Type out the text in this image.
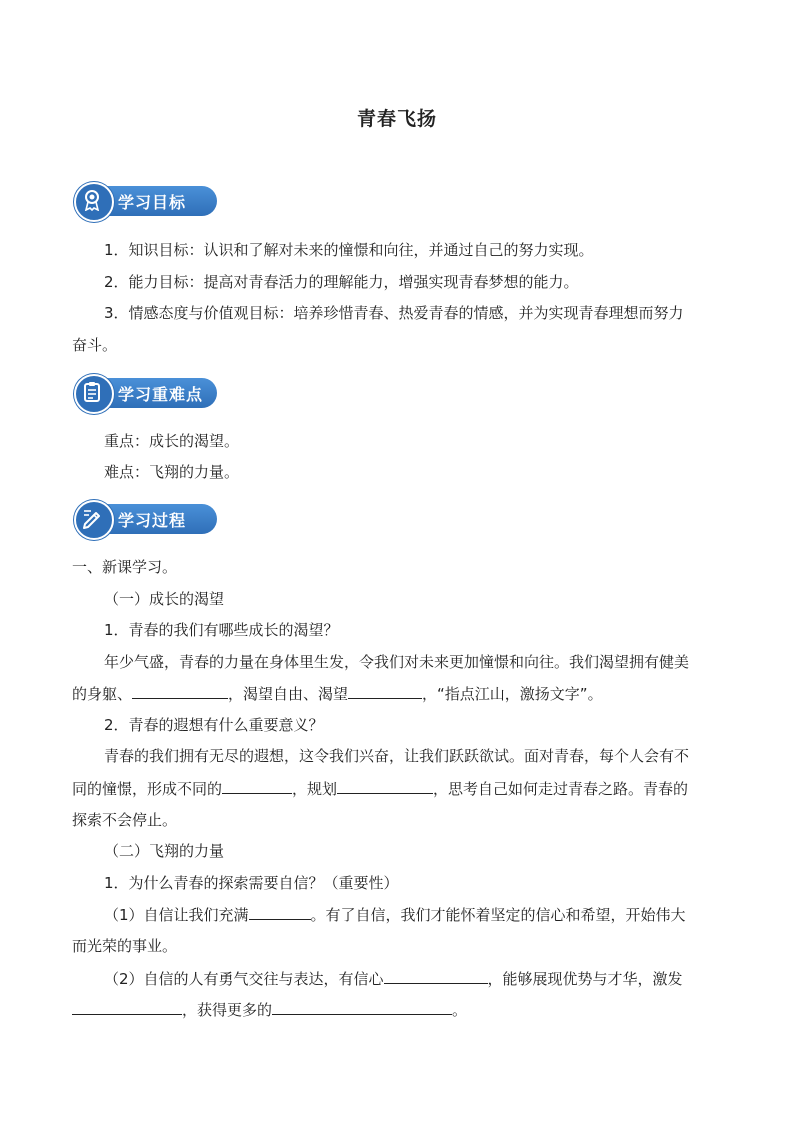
青春飞扬
学习目标
1．知识目标：认识和了解对未来的憧憬和向往，并通过自己的努力实现。
2．能力目标：提高对青春活力的理解能力，增强实现青春梦想的能力。
3．情感态度与价值观目标：培养珍惜青春、热爱青春的情感，并为实现青春理想而努力
奋斗。
学习重难点
重点：成长的渴望。
难点：飞翔的力量。
学习过程
一、新课学习。
（一）成长的渴望
1．青春的我们有哪些成长的渴望？
年少气盛，青春的力量在身体里生发，令我们对未来更加憧憬和向往。我们渴望拥有健美
的身躯、	，渴望自由、渴望	，“指点江山，激扬文字”。
2．青春的遐想有什么重要意义？
青春的我们拥有无尽的遐想，这令我们兴奋，让我们跃跃欲试。面对青春，每个人会有不
同的憧憬，形成不同的	，规划	，思考自己如何走过青春之路。青春的
探索不会停止。
（二）飞翔的力量
1．为什么青春的探索需要自信？（重要性）
（1）自信让我们充满	。有了自信，我们才能怀着坚定的信心和希望，开始伟大
而光荣的事业。
（2）自信的人有勇气交往与表达，有信心	，能够展现优势与才华，激发
，获得更多的	。
